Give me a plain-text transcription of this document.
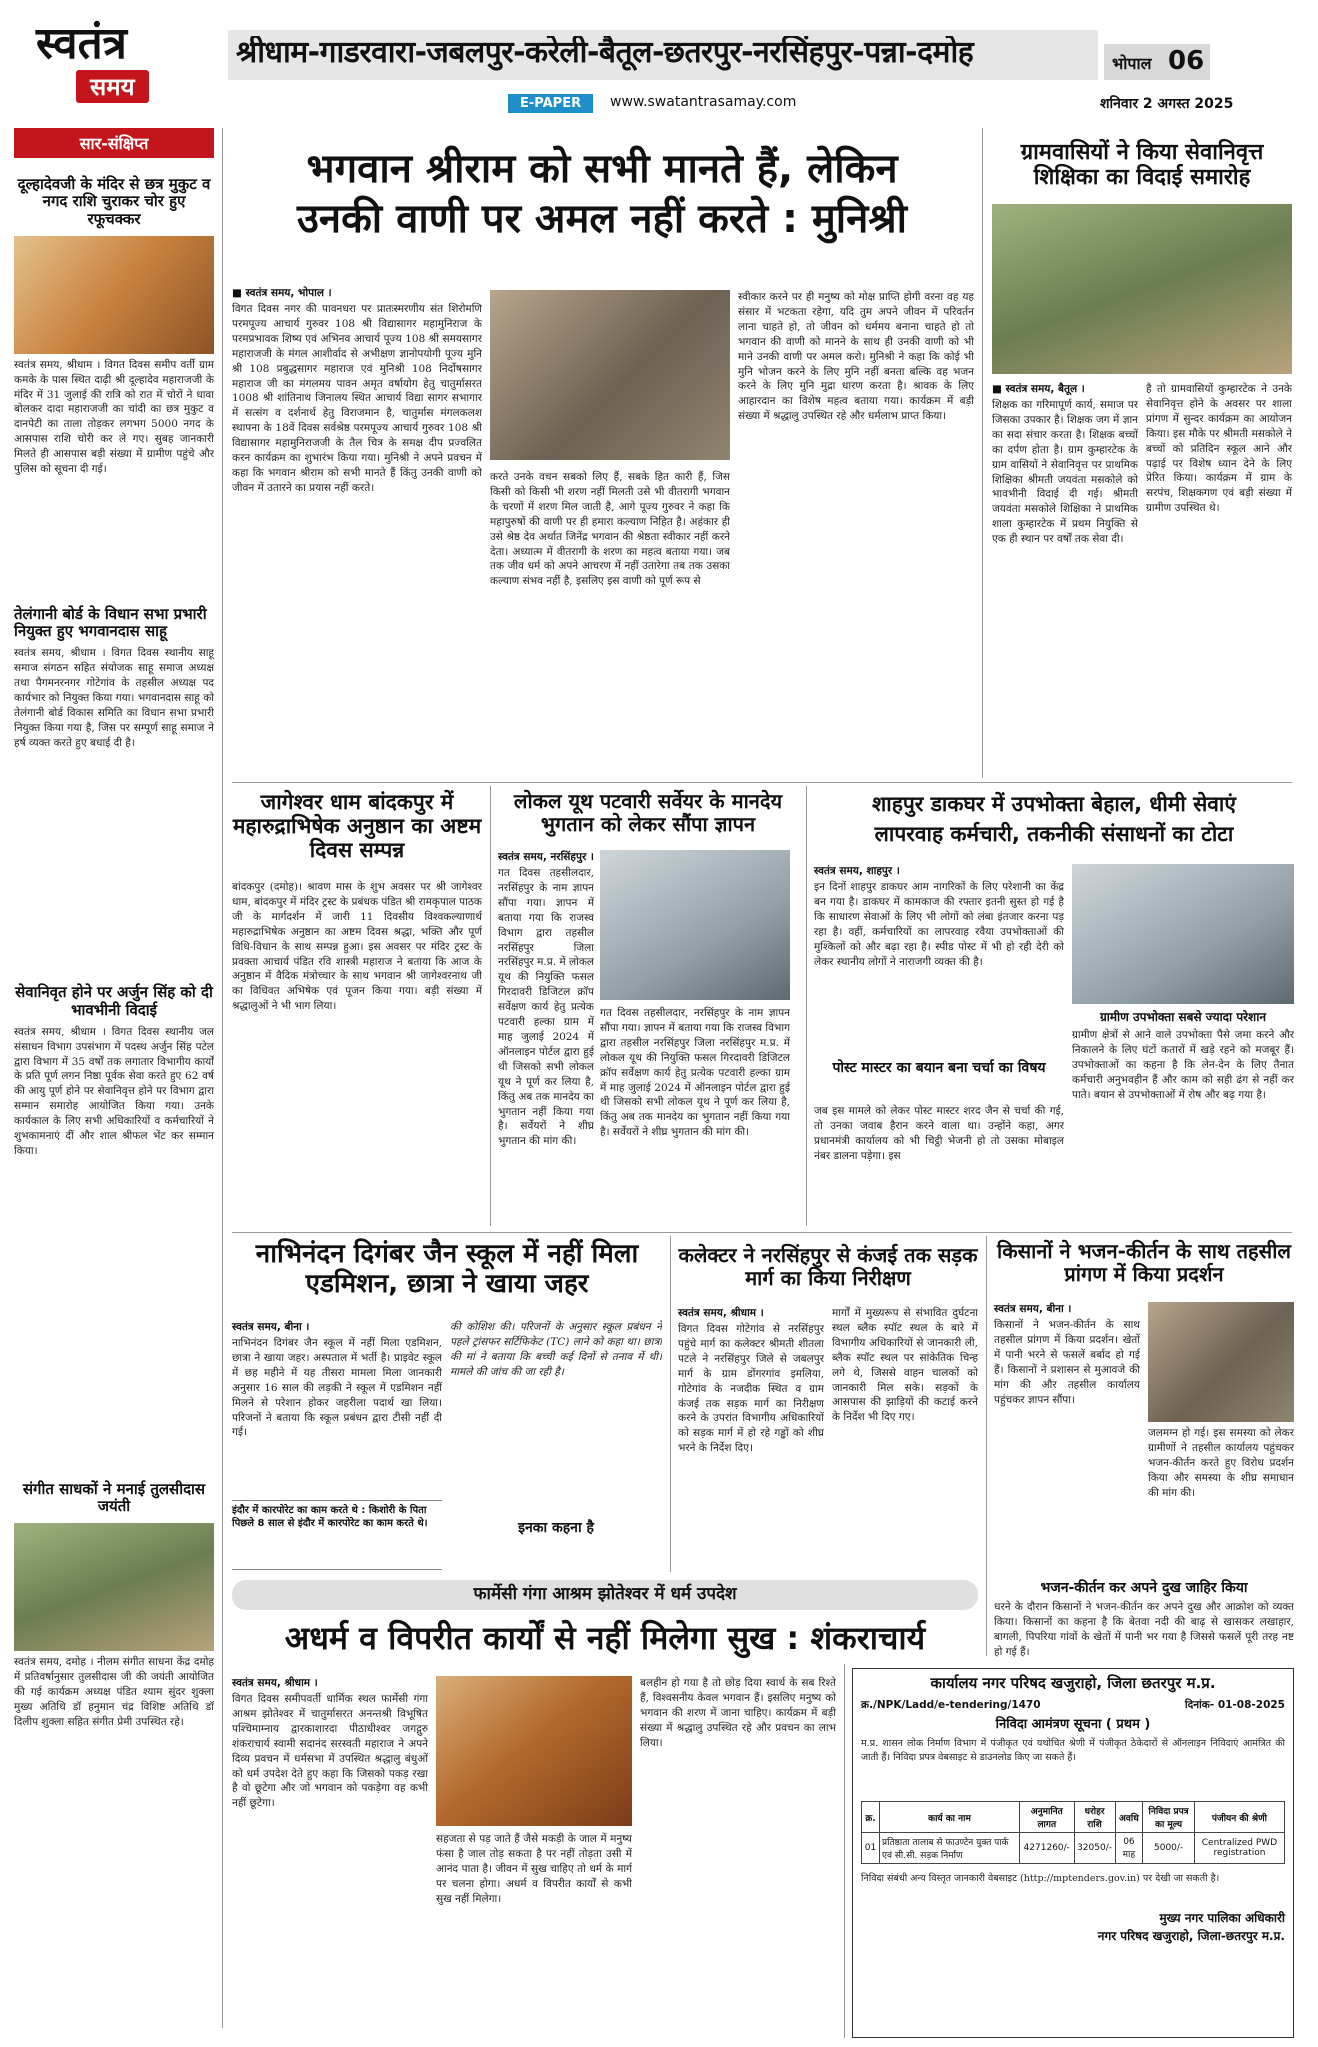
स्वतंत्र
समय
श्रीधाम-गाडरवारा-जबलपुर-करेली-बैतूल-छतरपुर-नरसिंहपुर-पन्ना-दमोह	भोपाल 06
E-PAPER	www.swatantrasamay.com	शनिवार 2 अगस्त 2025
सार-संक्षिप्त
दूल्हादेवजी के मंदिर से छत्र मुकुट व नगद राशि चुराकर चोर हुए रफूचक्कर
स्वतंत्र समय, श्रीधाम । विगत दिवस समीप वर्ती ग्राम कमके के पास स्थित दाढ़ी श्री दूल्हादेव महाराजजी के मंदिर में 31 जुलाई की रात्रि को रात में चोरों ने धावा बोलकर दादा महाराजजी का चांदी का छत्र मुकुट व दानपेटी का ताला तोड़कर लगभग 5000 नगद के आसपास राशि चोरी कर ले गए। सुबह जानकारी मिलते ही आसपास बड़ी संख्या में ग्रामीण पहुंचे और पुलिस को सूचना दी गई।
तेलंगानी बोर्ड के विधान सभा प्रभारी नियुक्त हुए भगवानदास साहू
स्वतंत्र समय, श्रीधाम । विगत दिवस स्थानीय साहू समाज संगठन सहित संयोजक साहू समाज अध्यक्ष तथा पैगमनरनगर गोटेगांव के तहसील अध्यक्ष पद कार्यभार को नियुक्त किया गया। भगवानदास साहू को तेलंगानी बोर्ड विकास समिति का विधान सभा प्रभारी नियुक्त किया गया है, जिस पर सम्पूर्ण साहू समाज ने हर्ष व्यक्त करते हुए बधाई दी है।
सेवानिवृत होने पर अर्जुन सिंह को दी भावभीनी विदाई
स्वतंत्र समय, श्रीधाम । विगत दिवस स्थानीय जल संसाधन विभाग उपसंभाग में पदस्थ अर्जुन सिंह पटेल द्वारा विभाग में 35 वर्षों तक लगातार विभागीय कार्यों के प्रति पूर्ण लगन निष्ठा पूर्वक सेवा करते हुए 62 वर्ष की आयु पूर्ण होने पर सेवानिवृत्त होने पर विभाग द्वारा सम्मान समारोह आयोजित किया गया। उनके कार्यकाल के लिए सभी अधिकारियों व कर्मचारियों ने शुभकामनाएं दीं और शाल श्रीफल भेंट कर सम्मान किया।
संगीत साधकों ने मनाई तुलसीदास जयंती
स्वतंत्र समय, दमोह । नीलम संगीत साधना केंद्र दमोह में प्रतिवर्षानुसार तुलसीदास जी की जयंती आयोजित की गई कार्यक्रम अध्यक्ष पंडित श्याम सुंदर शुक्ला मुख्य अतिथि डॉ हनुमान चंद्र विशिष्ट अतिथि डॉ दिलीप शुक्ला सहित संगीत प्रेमी उपस्थित रहे।
भगवान श्रीराम को सभी मानते हैं, लेकिन
उनकी वाणी पर अमल नहीं करते : मुनिश्री
■ स्वतंत्र समय, भोपाल ।
विगत दिवस नगर की पावनधरा पर प्रातःस्मरणीय संत शिरोमणि परमपूज्य आचार्य गुरुवर 108 श्री विद्यासागर महामुनिराज के परमप्रभावक शिष्य एवं अभिनव आचार्य पूज्य 108 श्री समयसागर महाराजजी के मंगल आशीर्वाद से अभीक्षण ज्ञानोपयोगी पूज्य मुनि श्री 108 प्रबुद्धसागर महाराज एवं मुनिश्री 108 निर्दोषसागर महाराज जी का मंगलमय पावन अमृत वर्षायोग हेतु चातुर्मासरत 1008 श्री शांतिनाथ जिनालय स्थित आचार्य विद्या सागर सभागार में सत्संग व दर्शनार्थ हेतु विराजमान है, चातुर्मास मंगलकलश स्थापना के 18वें दिवस सर्वश्रेष्ठ परमपूज्य आचार्य गुरुवर 108 श्री विद्यासागर महामुनिराजजी के तैल चित्र के समक्ष दीप प्रज्वलित करन कार्यक्रम का शुभारंभ किया गया। मुनिश्री ने अपने प्रवचन में कहा कि भगवान श्रीराम को सभी मानते हैं किंतु उनकी वाणी को जीवन में उतारने का प्रयास नहीं करते।
करते उनके वचन सबको लिए हैं, सबके हित कारी हैं, जिस किसी को किसी भी शरण नहीं मिलती उसे भी वीतरागी भगवान के चरणों में शरण मिल जाती है, आगे पूज्य गुरुवर ने कहा कि महापुरुषों की वाणी पर ही हमारा कल्याण निहित है। अहंकार ही उसे श्रेष्ठ देव अर्थात जिनेंद्र भगवान की श्रेष्ठता स्वीकार नहीं करने देता। अध्यात्म में वीतरागी के शरण का महत्व बताया गया। जब तक जीव धर्म को अपने आचरण में नहीं उतारेगा तब तक उसका कल्याण संभव नहीं है, इसलिए इस वाणी को पूर्ण रूप से
स्वीकार करने पर ही मनुष्य को मोक्ष प्राप्ति होगी वरना वह यह संसार में भटकता रहेगा, यदि तुम अपने जीवन में परिवर्तन लाना चाहते हो, तो जीवन को धर्ममय बनाना चाहते हो तो भगवान की वाणी को मानने के साथ ही उनकी वाणी को भी माने उनकी वाणी पर अमल करो। मुनिश्री ने कहा कि कोई भी मुनि भोजन करने के लिए मुनि नहीं बनता बल्कि वह भजन करने के लिए मुनि मुद्रा धारण करता है। श्रावक के लिए आहारदान का विशेष महत्व बताया गया। कार्यक्रम में बड़ी संख्या में श्रद्धालु उपस्थित रहे और धर्मलाभ प्राप्त किया।
ग्रामवासियों ने किया सेवानिवृत्त शिक्षिका का विदाई समारोह
■ स्वतंत्र समय, बैतूल ।
शिक्षक का गरिमापूर्ण कार्य, समाज पर जिसका उपकार है। शिक्षक जग में ज्ञान का सदा संचार करता है। शिक्षक बच्चों का दर्पण होता है। ग्राम कुम्हारटेक के ग्राम वासियों ने सेवानिवृत्त पर प्राथमिक शिक्षिका श्रीमती जयवंता मसकोले को भावभीनी विदाई दी गई। श्रीमती जयवंता मसकोले शिक्षिका ने प्राथमिक शाला कुम्हारटेक में प्रथम नियुक्ति से एक ही स्थान पर वर्षों तक सेवा दी।
है तो ग्रामवासियों कुम्हारटेक ने उनके सेवानिवृत्त होने के अवसर पर शाला प्रांगण में सुन्दर कार्यक्रम का आयोजन किया। इस मौके पर श्रीमती मसकोले ने बच्चों को प्रतिदिन स्कूल आने और पढ़ाई पर विशेष ध्यान देने के लिए प्रेरित किया। कार्यक्रम में ग्राम के सरपंच, शिक्षकगण एवं बड़ी संख्या में ग्रामीण उपस्थित थे।
जागेश्वर धाम बांदकपुर में महारुद्राभिषेक अनुष्ठान का अष्टम दिवस सम्पन्न
बांदकपुर (दमोह)। श्रावण मास के शुभ अवसर पर श्री जागेश्वर धाम, बांदकपुर में मंदिर ट्रस्ट के प्रबंधक पंडित श्री रामकृपाल पाठक जी के मार्गदर्शन में जारी 11 दिवसीय विश्वकल्याणार्थ महारुद्राभिषेक अनुष्ठान का अष्टम दिवस श्रद्धा, भक्ति और पूर्ण विधि-विधान के साथ सम्पन्न हुआ। इस अवसर पर मंदिर ट्रस्ट के प्रवक्ता आचार्य पंडित रवि शास्त्री महाराज ने बताया कि आज के अनुष्ठान में वैदिक मंत्रोच्चार के साथ भगवान श्री जागेश्वरनाथ जी का विधिवत अभिषेक एवं पूजन किया गया। बड़ी संख्या में श्रद्धालुओं ने भी भाग लिया।
लोकल यूथ पटवारी सर्वेयर के मानदेय भुगतान को लेकर सौंपा ज्ञापन
स्वतंत्र समय, नरसिंहपुर ।
गत दिवस तहसीलदार, नरसिंहपुर के नाम ज्ञापन सौंपा गया। ज्ञापन में बताया गया कि राजस्व विभाग द्वारा तहसील नरसिंहपुर जिला नरसिंहपुर म.प्र. में लोकल यूथ की नियुक्ति फसल गिरदावरी डिजिटल क्रॉप सर्वेक्षण कार्य हेतु प्रत्येक पटवारी हल्का ग्राम में माह जुलाई 2024 में ऑनलाइन पोर्टल द्वारा हुई थी जिसको सभी लोकल यूथ ने पूर्ण कर लिया है, किंतु अब तक मानदेय का भुगतान नहीं किया गया है। सर्वेयरों ने शीघ्र भुगतान की मांग की।
गत दिवस तहसीलदार, नरसिंहपुर के नाम ज्ञापन सौंपा गया। ज्ञापन में बताया गया कि राजस्व विभाग द्वारा तहसील नरसिंहपुर जिला नरसिंहपुर म.प्र. में लोकल यूथ की नियुक्ति फसल गिरदावरी डिजिटल क्रॉप सर्वेक्षण कार्य हेतु प्रत्येक पटवारी हल्का ग्राम में माह जुलाई 2024 में ऑनलाइन पोर्टल द्वारा हुई थी जिसको सभी लोकल यूथ ने पूर्ण कर लिया है, किंतु अब तक मानदेय का भुगतान नहीं किया गया है। सर्वेयरों ने शीघ्र भुगतान की मांग की।
शाहपुर डाकघर में उपभोक्ता बेहाल, धीमी सेवाएं
लापरवाह कर्मचारी, तकनीकी संसाधनों का टोटा
स्वतंत्र समय, शाहपुर ।
इन दिनों शाहपुर डाकघर आम नागरिकों के लिए परेशानी का केंद्र बन गया है। डाकघर में कामकाज की रफ्तार इतनी सुस्त हो गई है कि साधारण सेवाओं के लिए भी लोगों को लंबा इंतजार करना पड़ रहा है। वहीं, कर्मचारियों का लापरवाह रवैया उपभोक्ताओं की मुश्किलों को और बढ़ा रहा है। स्पीड पोस्ट में भी हो रही देरी को लेकर स्थानीय लोगों ने नाराजगी व्यक्त की है।
पोस्ट मास्टर का बयान बना चर्चा का विषय
जब इस मामले को लेकर पोस्ट मास्टर शरद जैन से चर्चा की गई, तो उनका जवाब हैरान करने वाला था। उन्होंने कहा, अगर प्रधानमंत्री कार्यालय को भी चिट्ठी भेजनी हो तो उसका मोबाइल नंबर डालना पड़ेगा। इस
ग्रामीण उपभोक्ता सबसे ज्यादा परेशान
ग्रामीण क्षेत्रों से आने वाले उपभोक्ता पैसे जमा करने और निकालने के लिए घंटों कतारों में खड़े रहने को मजबूर हैं। उपभोक्ताओं का कहना है कि लेन-देन के लिए तैनात कर्मचारी अनुभवहीन हैं और काम को सही ढंग से नहीं कर पाते। बयान से उपभोक्ताओं में रोष और बढ़ गया है।
नाभिनंदन दिगंबर जैन स्कूल में नहीं मिला एडमिशन, छात्रा ने खाया जहर
स्वतंत्र समय, बीना ।
नाभिनंदन दिगंबर जैन स्कूल में नहीं मिला एडमिशन, छात्रा ने खाया जहर। अस्पताल में भर्ती है। प्राइवेट स्कूल में छह महीने में यह तीसरा मामला मिला जानकारी अनुसार 16 साल की लड़की ने स्कूल में एडमिशन नहीं मिलने से परेशान होकर जहरीला पदार्थ खा लिया। परिजनों ने बताया कि स्कूल प्रबंधन द्वारा टीसी नहीं दी गई।
इंदौर में कारपोरेट का काम करते थे : किशोरी के पिता पिछले 8 साल से इंदौर में कारपोरेट का काम करते थे।
की कोशिश की। परिजनों के अनुसार स्कूल प्रबंधन ने पहले ट्रांसफर सर्टिफिकेट (TC) लाने को कहा था। छात्रा की मां ने बताया कि बच्ची कई दिनों से तनाव में थी। मामले की जांच की जा रही है।
इनका कहना है
कलेक्टर ने नरसिंहपुर से कंजई तक सड़क मार्ग का किया निरीक्षण
स्वतंत्र समय, श्रीधाम ।
विगत दिवस गोटेगांव से नरसिंहपुर पहुंचे मार्ग का कलेक्टर श्रीमती शीतला पटले ने नरसिंहपुर जिले से जबलपुर मार्ग के ग्राम डोंगरगांव इमलिया, गोटेगांव के नजदीक स्थित व ग्राम कंजई तक सड़क मार्ग का निरीक्षण करने के उपरांत विभागीय अधिकारियों को सड़क मार्ग में हो रहे गड्ढों को शीघ्र भरने के निर्देश दिए।
मार्गों में मुख्यरूप से संभावित दुर्घटना स्थल ब्लैक स्पॉट स्थल के बारे में विभागीय अधिकारियों से जानकारी ली, ब्लैक स्पॉट स्थल पर सांकेतिक चिन्ह लगे थे, जिससे वाहन चालकों को जानकारी मिल सके। सड़कों के आसपास की झाड़ियों की कटाई करने के निर्देश भी दिए गए।
किसानों ने भजन-कीर्तन के साथ तहसील प्रांगण में किया प्रदर्शन
स्वतंत्र समय, बीना ।
किसानों ने भजन-कीर्तन के साथ तहसील प्रांगण में किया प्रदर्शन। खेतों में पानी भरने से फसलें बर्बाद हो गई हैं। किसानों ने प्रशासन से मुआवजे की मांग की और तहसील कार्यालय पहुंचकर ज्ञापन सौंपा।
जलमग्न हो गई। इस समस्या को लेकर ग्रामीणों ने तहसील कार्यालय पहुंचकर भजन-कीर्तन करते हुए विरोध प्रदर्शन किया और समस्या के शीघ्र समाधान की मांग की।
भजन-कीर्तन कर अपने दुख जाहिर किया
धरने के दौरान किसानों ने भजन-कीर्तन कर अपने दुख और आक्रोश को व्यक्त किया। किसानों का कहना है कि बेतवा नदी की बाढ़ से खासकर लखाहार, बागली, पिपरिया गांवों के खेतों में पानी भर गया है जिससे फसलें पूरी तरह नष्ट हो गई हैं।
फार्मेसी गंगा आश्रम झोतेश्वर में धर्म उपदेश
अधर्म व विपरीत कार्यों से नहीं मिलेगा सुख : शंकराचार्य
स्वतंत्र समय, श्रीधाम ।
विगत दिवस समीपवर्ती धार्मिक स्थल फार्मेसी गंगा आश्रम झोतेश्वर में चातुर्मासरत अनन्तश्री विभूषित पश्चिमाम्नाय द्वारकाशारदा पीठाधीश्वर जगद्गुरु शंकराचार्य स्वामी सदानंद सरस्वती महाराज ने अपने दिव्य प्रवचन में धर्मसभा में उपस्थित श्रद्धालु बंधुओं को धर्म उपदेश देते हुए कहा कि जिसको पकड़ रखा है वो छूटेगा और जो भगवान को पकड़ेगा वह कभी नहीं छूटेगा।
सहजता से पड़ जाते हैं जैसे मकड़ी के जाल में मनुष्य फंसा है जाल तोड़ सकता है पर नहीं तोड़ता उसी में आनंद पाता है। जीवन में सुख चाहिए तो धर्म के मार्ग पर चलना होगा। अधर्म व विपरीत कार्यों से कभी सुख नहीं मिलेगा।
बलहीन हो गया है तो छोड़ दिया स्वार्थ के सब रिश्ते हैं, विश्वसनीय केवल भगवान हैं। इसलिए मनुष्य को भगवान की शरण में जाना चाहिए। कार्यक्रम में बड़ी संख्या में श्रद्धालु उपस्थित रहे और प्रवचन का लाभ लिया।
कार्यालय नगर परिषद खजुराहो, जिला छतरपुर म.प्र.
क्र./NPK/Ladd/e-tendering/1470	दिनांक- 01-08-2025
निविदा आमंत्रण सूचना ( प्रथम )
म.प्र. शासन लोक निर्माण विभाग में पंजीकृत एवं यथोचित श्रेणी में पंजीकृत ठेकेदारों से ऑनलाइन निविदाएं आमंत्रित की जाती हैं। निविदा प्रपत्र वेबसाइट से डाउनलोड किए जा सकते हैं।
क्र.	कार्य का नाम	अनुमानित लागत	धरोहर राशि	अवधि	निविदा प्रपत्र का मूल्य	पंजीयन की श्रेणी
01	प्रतिष्ठाता तालाब से फाउण्टेन युक्त पार्क एवं सी.सी. सड़क निर्माण	4271260/-	32050/-	06 माह	5000/-	Centralized PWD registration
निविदा संबंधी अन्य विस्तृत जानकारी वेबसाइट (http://mptenders.gov.in) पर देखी जा सकती है।
मुख्य नगर पालिका अधिकारी
नगर परिषद खजुराहो, जिला-छतरपुर म.प्र.
